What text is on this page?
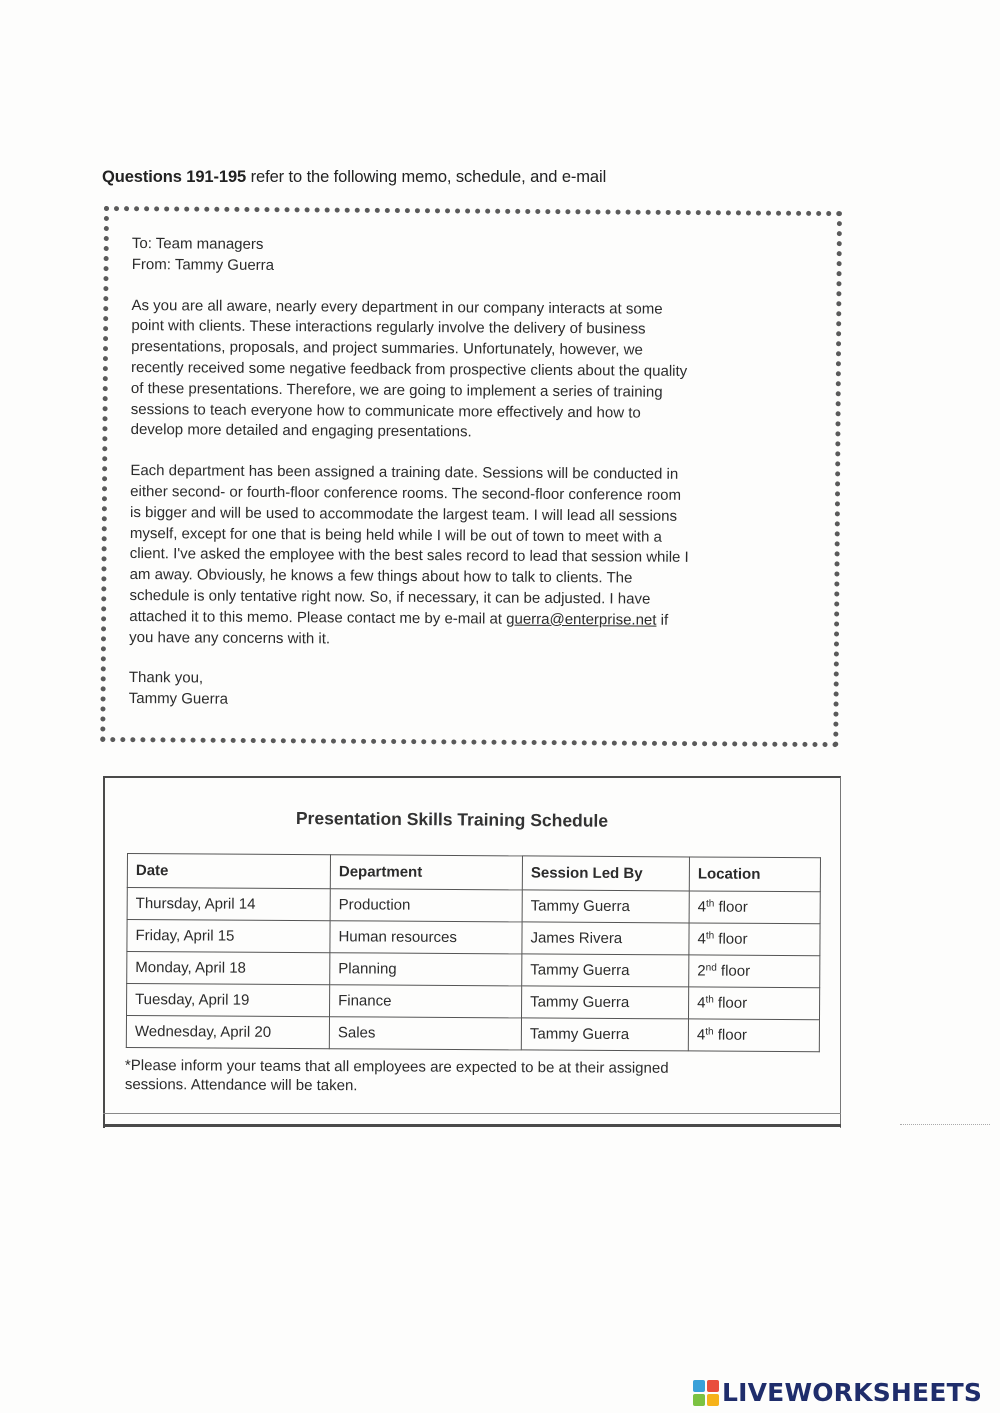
Questions 191-195 refer to the following memo, schedule, and e-mail

To: Team managers

From: Tammy Guerra

As you are all aware, nearly every department in our company interacts at some

point with clients. These interactions regularly involve the delivery of business

presentations, proposals, and project summaries. Unfortunately, however, we

recently received some negative feedback from prospective clients about the quality

of these presentations. Therefore, we are going to implement a series of training

sessions to teach everyone how to communicate more effectively and how to

develop more detailed and engaging presentations.

Each department has been assigned a training date. Sessions will be conducted in

either second- or fourth-floor conference rooms. The second-floor conference room

is bigger and will be used to accommodate the largest team. I will lead all sessions

myself, except for one that is being held while I will be out of town to meet with a

client. I've asked the employee with the best sales record to lead that session while I

am away. Obviously, he knows a few things about how to talk to clients. The

schedule is only tentative right now. So, if necessary, it can be adjusted. I have

attached it to this memo. Please contact me by e-mail at guerra@enterprise.net if

you have any concerns with it.

Thank you,

Tammy Guerra

Presentation Skills Training Schedule
Date	Department	Session Led By	Location
Thursday, April 14	Production	Tammy Guerra	4th floor
Friday, April 15	Human resources	James Rivera	4th floor
Monday, April 18	Planning	Tammy Guerra	2nd floor
Tuesday, April 19	Finance	Tammy Guerra	4th floor
Wednesday, April 20	Sales	Tammy Guerra	4th floor
*Please inform your teams that all employees are expected to be at their assigned
sessions. Attendance will be taken.
LIVEWORKSHEETS
